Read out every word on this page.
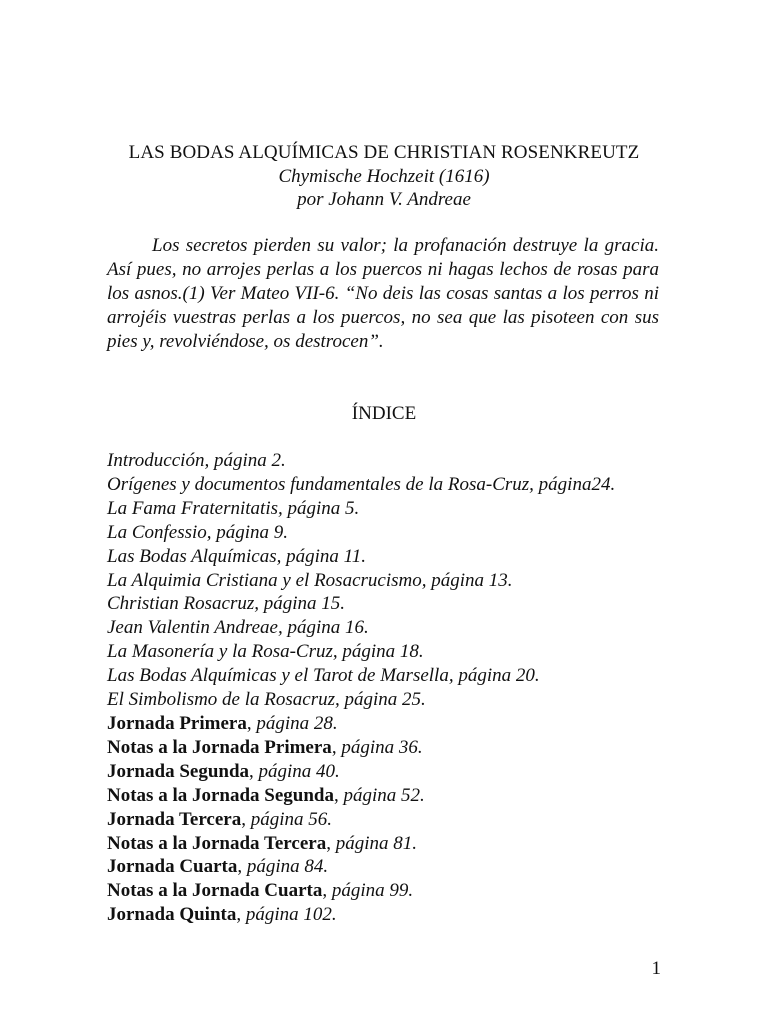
LAS BODAS ALQUÍMICAS DE CHRISTIAN ROSENKREUTZ

Chymische Hochzeit (1616)

por Johann V. Andreae

Los secretos pierden su valor; la profanación destruye la gracia. Así pues, no arrojes perlas a los puercos ni hagas lechos de rosas para los asnos.(1) Ver Mateo VII-6. “No deis las cosas santas a los perros ni arrojéis vuestras perlas a los puercos, no sea que las pisoteen con sus pies y, revolviéndose, os destrocen”.

ÍNDICE
Introducción, página 2.
Orígenes y documentos fundamentales de la Rosa-Cruz, página24.
La Fama Fraternitatis, página 5.
La Confessio, página 9.
Las Bodas Alquímicas, página 11.
La Alquimia Cristiana y el Rosacrucismo, página 13.
Christian Rosacruz, página 15.
Jean Valentin Andreae, página 16.
La Masonería y la Rosa-Cruz, página 18.
Las Bodas Alquímicas y el Tarot de Marsella, página 20.
El Simbolismo de la Rosacruz, página 25.
Jornada Primera, página 28.
Notas a la Jornada Primera, página 36.
Jornada Segunda, página 40.
Notas a la Jornada Segunda, página 52.
Jornada Tercera, página 56.
Notas a la Jornada Tercera, página 81.
Jornada Cuarta, página 84.
Notas a la Jornada Cuarta, página 99.
Jornada Quinta, página 102.
1
